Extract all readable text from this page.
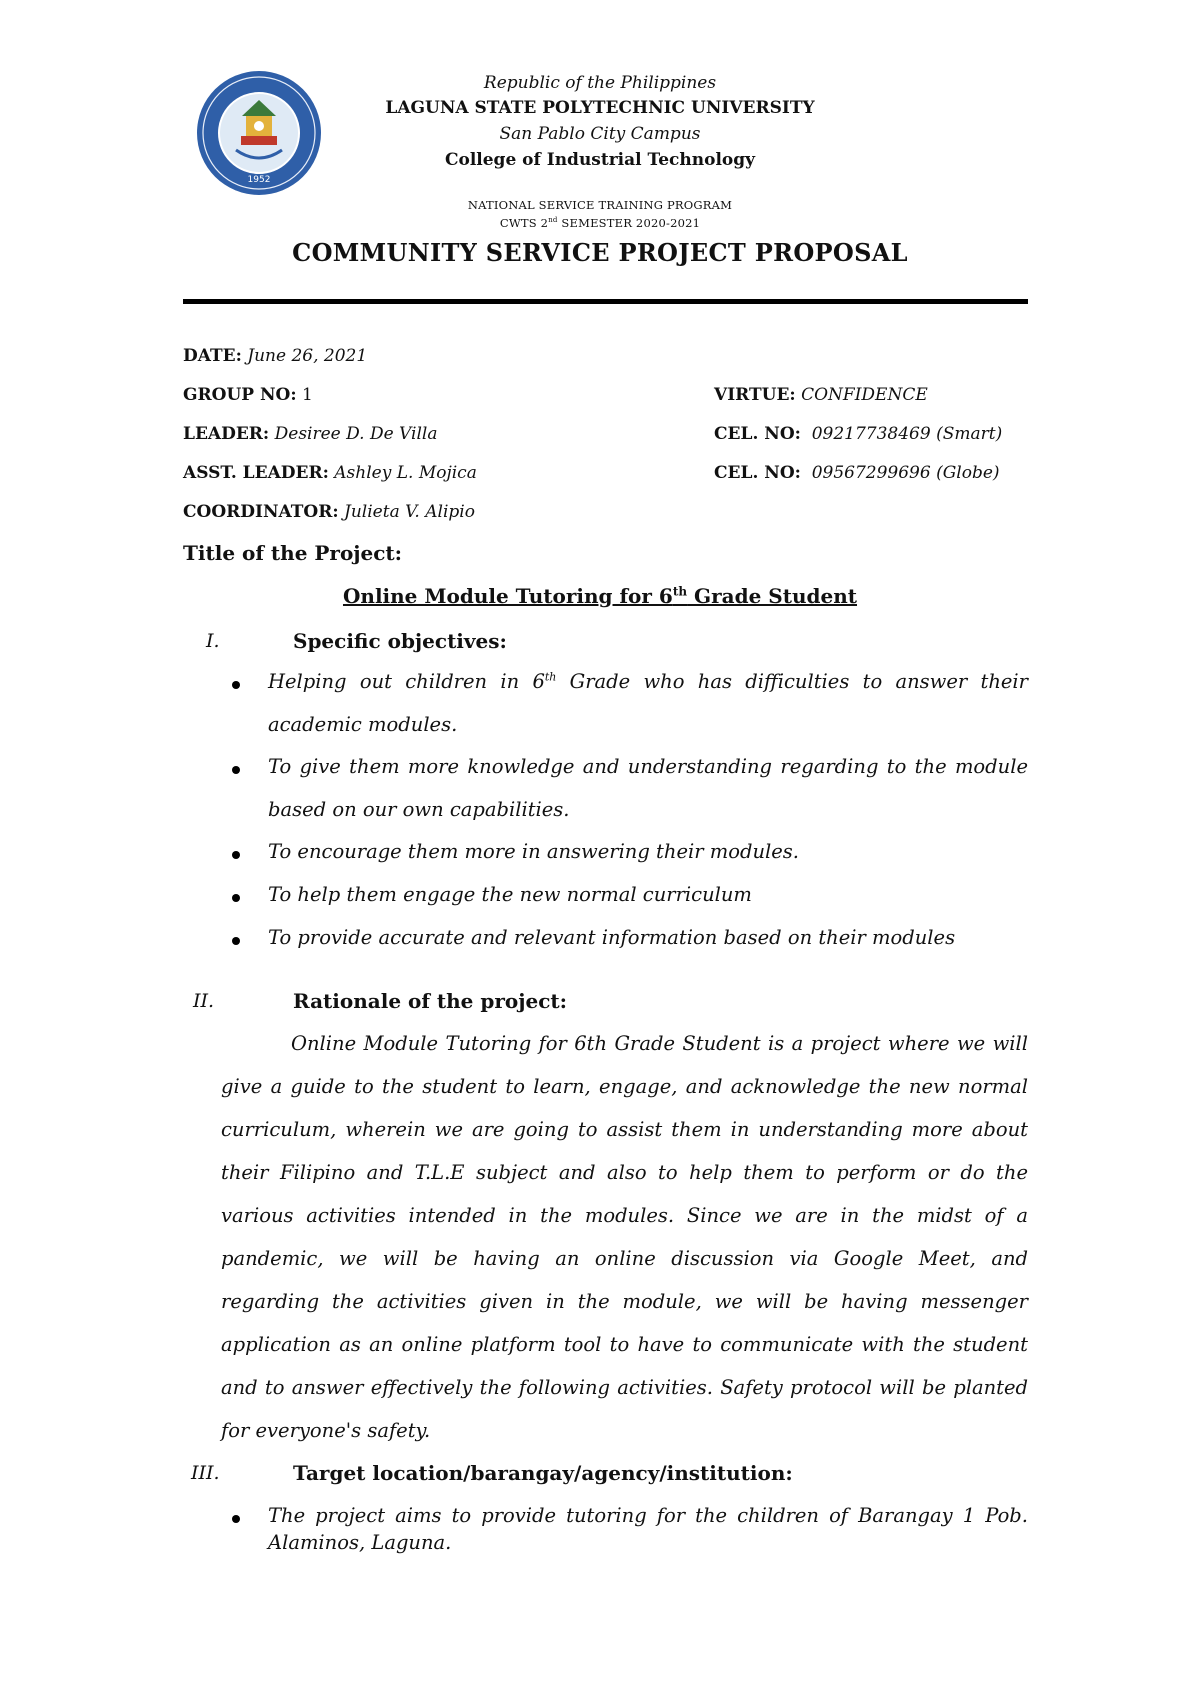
1952
Republic of the Philippines
LAGUNA STATE POLYTECHNIC UNIVERSITY
San Pablo City Campus
College of Industrial Technology
NATIONAL SERVICE TRAINING PROGRAM
CWTS 2nd SEMESTER 2020-2021
COMMUNITY SERVICE PROJECT PROPOSAL
DATE: June 26, 2021
GROUP NO: 1	VIRTUE: CONFIDENCE
LEADER: Desiree D. De Villa	CEL. NO: 09217738469 (Smart)
ASST. LEADER: Ashley L. Mojica	CEL. NO: 09567299696 (Globe)
COORDINATOR: Julieta V. Alipio
Title of the Project:
Online Module Tutoring for 6th Grade Student
I.	Specific objectives:
Helping out children in 6th Grade who has difficulties to answer their
academic modules.
To give them more knowledge and understanding regarding to the module
based on our own capabilities.
To encourage them more in answering their modules.
To help them engage the new normal curriculum
To provide accurate and relevant information based on their modules
II.	Rationale of the project:
Online Module Tutoring for 6th Grade Student is a project where we will
give a guide to the student to learn, engage, and acknowledge the new normal
curriculum, wherein we are going to assist them in understanding more about
their Filipino and T.L.E subject and also to help them to perform or do the
various activities intended in the modules. Since we are in the midst of a
pandemic, we will be having an online discussion via Google Meet, and
regarding the activities given in the module, we will be having messenger
application as an online platform tool to have to communicate with the student
and to answer effectively the following activities. Safety protocol will be planted
for everyone's safety.
III.	Target location/barangay/agency/institution:
The project aims to provide tutoring for the children of Barangay 1 Pob.
Alaminos, Laguna.
